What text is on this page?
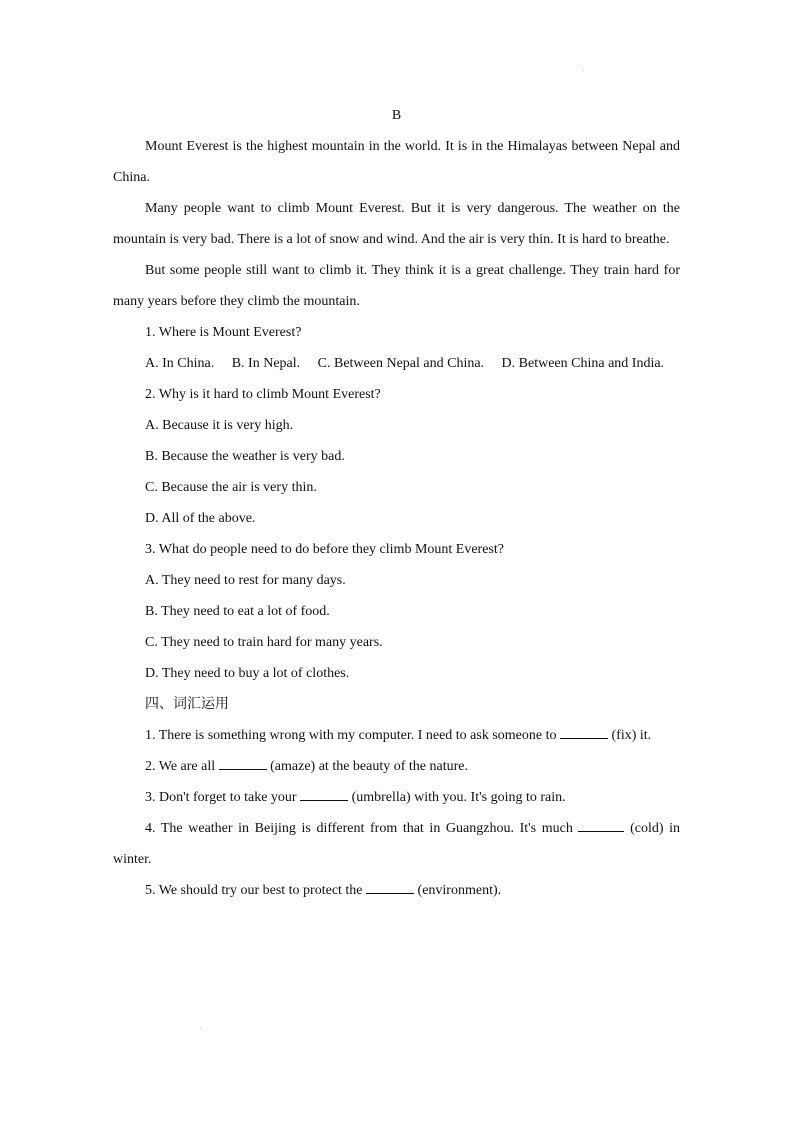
B

Mount Everest is the highest mountain in the world. It is in the Himalayas between Nepal and China.

Many people want to climb Mount Everest. But it is very dangerous. The weather on the mountain is very bad. There is a lot of snow and wind. And the air is very thin. It is hard to breathe.

But some people still want to climb it. They think it is a great challenge. They train hard for many years before they climb the mountain.

1. Where is Mount Everest?

A. In China.     B. In Nepal.     C. Between Nepal and China.     D. Between China and India.

2. Why is it hard to climb Mount Everest?

A. Because it is very high.

B. Because the weather is very bad.

C. Because the air is very thin.

D. All of the above.

3. What do people need to do before they climb Mount Everest?

A. They need to rest for many days.

B. They need to eat a lot of food.

C. They need to train hard for many years.

D. They need to buy a lot of clothes.

四、词汇运用

1. There is something wrong with my computer. I need to ask someone to	(fix) it.

2. We are all	(amaze) at the beauty of the nature.

3. Don't forget to take your	(umbrella) with you. It's going to rain.

4. The weather in Beijing is different from that in Guangzhou. It's much	(cold) in winter.

5. We should try our best to protect the	(environment).
